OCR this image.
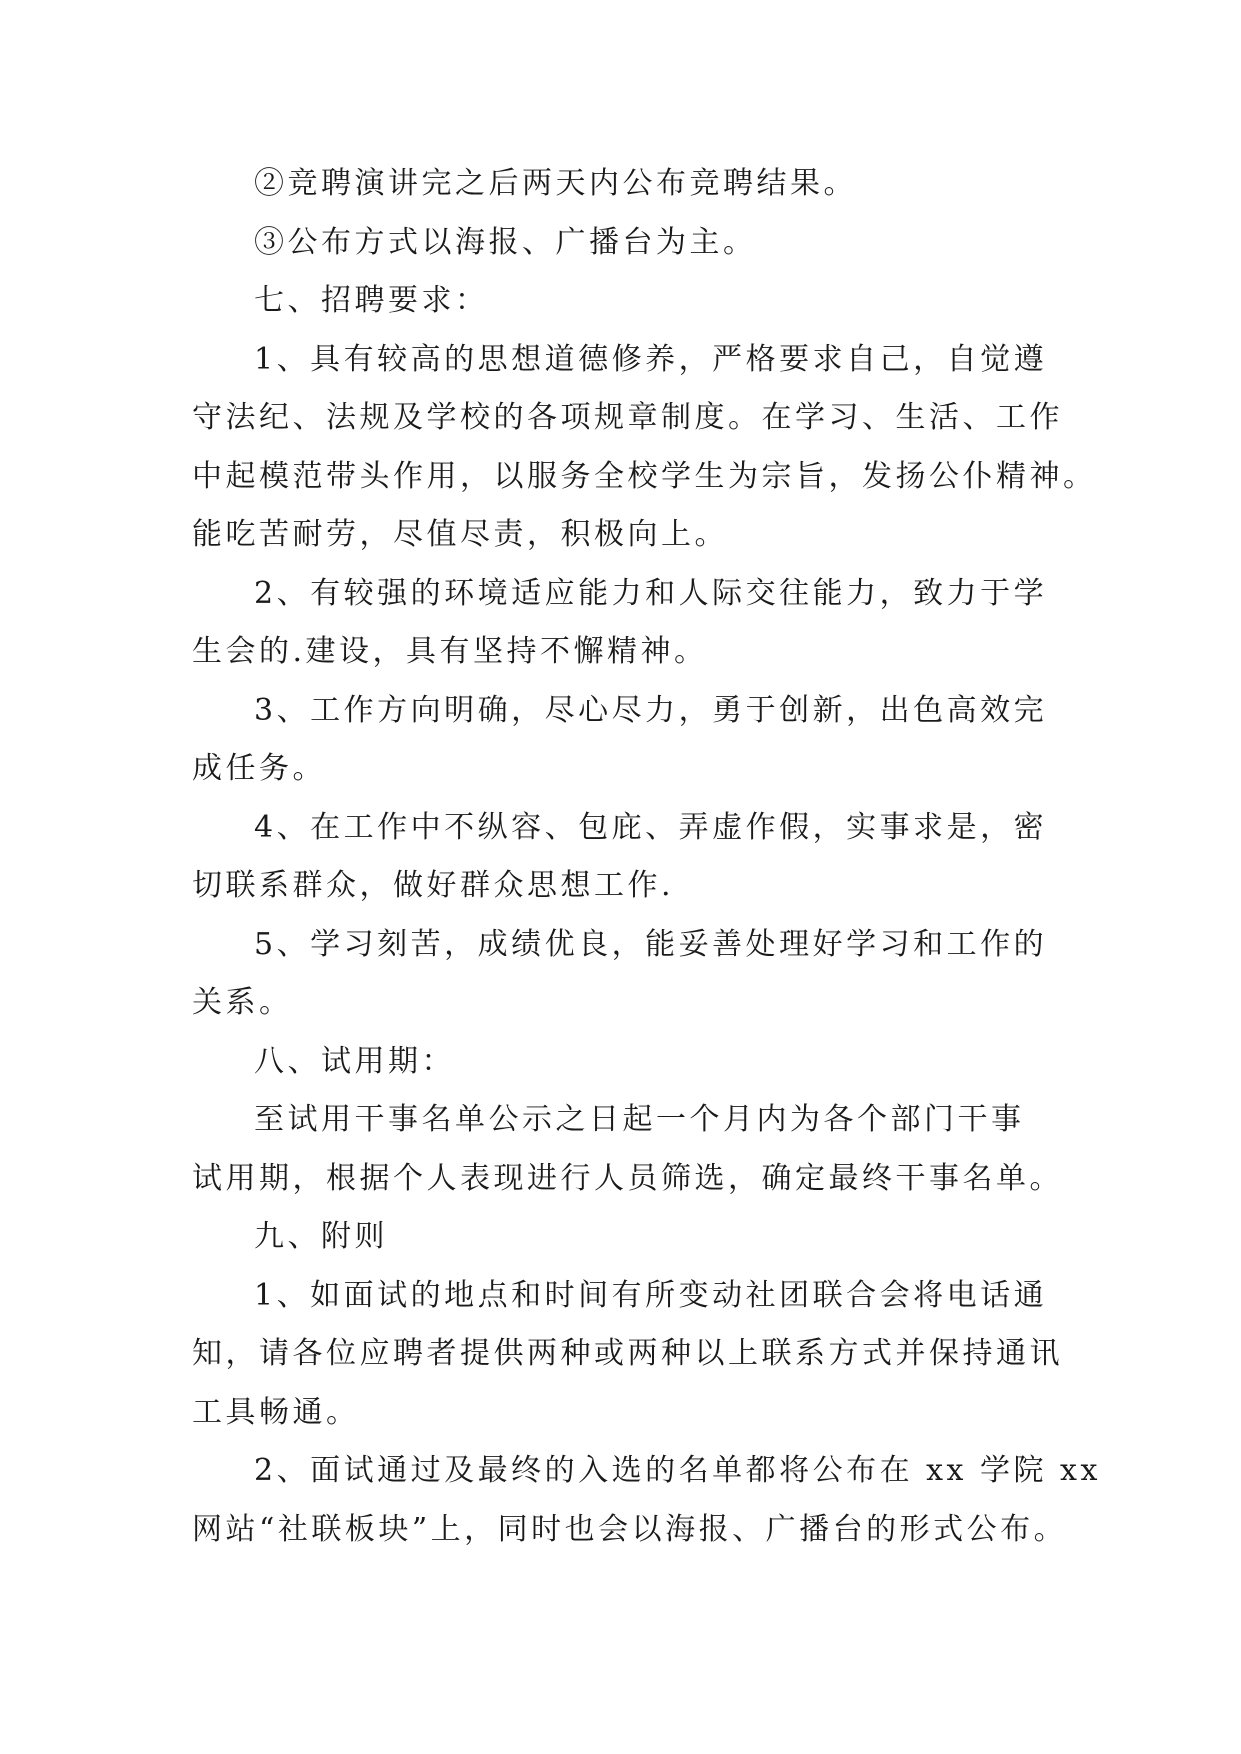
②竞聘演讲完之后两天内公布竞聘结果。
③公布方式以海报、广播台为主。
七、招聘要求：
1、具有较高的思想道德修养，严格要求自己，自觉遵
守法纪、法规及学校的各项规章制度。在学习、生活、工作
中起模范带头作用，以服务全校学生为宗旨，发扬公仆精神。
能吃苦耐劳，尽值尽责，积极向上。
2、有较强的环境适应能力和人际交往能力，致力于学
生会的.建设，具有坚持不懈精神。
3、工作方向明确，尽心尽力，勇于创新，出色高效完
成任务。
4、在工作中不纵容、包庇、弄虚作假，实事求是，密
切联系群众，做好群众思想工作.
5、学习刻苦，成绩优良，能妥善处理好学习和工作的
关系。
八、试用期：
至试用干事名单公示之日起一个月内为各个部门干事
试用期，根据个人表现进行人员筛选，确定最终干事名单。
九、附则
1、如面试的地点和时间有所变动社团联合会将电话通
知，请各位应聘者提供两种或两种以上联系方式并保持通讯
工具畅通。
2、面试通过及最终的入选的名单都将公布在 xx 学院 xx
网站“社联板块”上，同时也会以海报、广播台的形式公布。
